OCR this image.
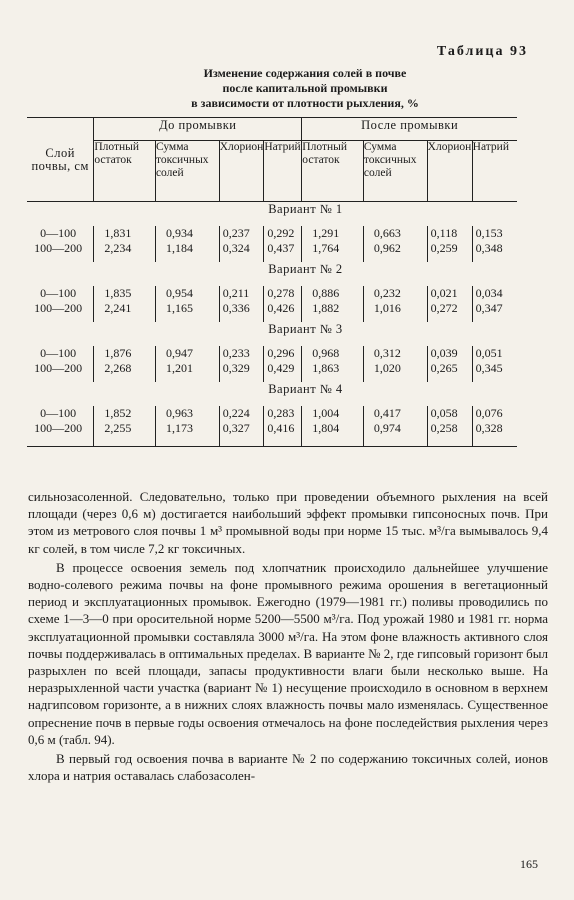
Таблица 93
Изменение содержания солей в почве
после капитальной промывки
в зависимости от плотности рыхления, %
Слой почвы, см	До промывки				После промывки			
	Плотный остаток	Сумма токсичных солей	Хлорион	Натрий	Плотный остаток	Сумма токсичных солей	Хлорион	Натрий
	Вариант № 1							
0—100	1,831	0,934	0,237	0,292	1,291	0,663	0,118	0,153
100—200	2,234	1,184	0,324	0,437	1,764	0,962	0,259	0,348
	Вариант № 2							
0—100	1,835	0,954	0,211	0,278	0,886	0,232	0,021	0,034
100—200	2,241	1,165	0,336	0,426	1,882	1,016	0,272	0,347
	Вариант № 3							
0—100	1,876	0,947	0,233	0,296	0,968	0,312	0,039	0,051
100—200	2,268	1,201	0,329	0,429	1,863	1,020	0,265	0,345
	Вариант № 4							
0—100	1,852	0,963	0,224	0,283	1,004	0,417	0,058	0,076
100—200	2,255	1,173	0,327	0,416	1,804	0,974	0,258	0,328

сильнозасоленной. Следовательно, только при проведении объемного рыхления на всей площади (через 0,6 м) достигается наибольший эффект промывки гипсоносных почв. При этом из метрового слоя почвы 1 м³ промывной воды при норме 15 тыс. м³/га вымывалось 9,4 кг солей, в том числе 7,2 кг токсичных.

В процессе освоения земель под хлопчатник происходило дальнейшее улучшение водно-солевого режима почвы на фоне промывного режима орошения в вегетационный период и эксплуатационных промывок. Ежегодно (1979—1981 гг.) поливы проводились по схеме 1—3—0 при оросительной норме 5200—5500 м³/га. Под урожай 1980 и 1981 гг. норма эксплуатационной промывки составляла 3000 м³/га. На этом фоне влажность активного слоя почвы поддерживалась в оптимальных пределах. В варианте № 2, где гипсовый горизонт был разрыхлен по всей площади, запасы продуктивности влаги были несколько выше. На неразрыхленной части участка (вариант № 1) несущение происходило в основном в верхнем надгипсовом горизонте, а в нижних слоях влажность почвы мало изменялась. Существенное опреснение почв в первые годы освоения отмечалось на фоне последействия рыхления через 0,6 м (табл. 94).

В первый год освоения почва в варианте № 2 по содержанию токсичных солей, ионов хлора и натрия оставалась слабозасолен-

165
